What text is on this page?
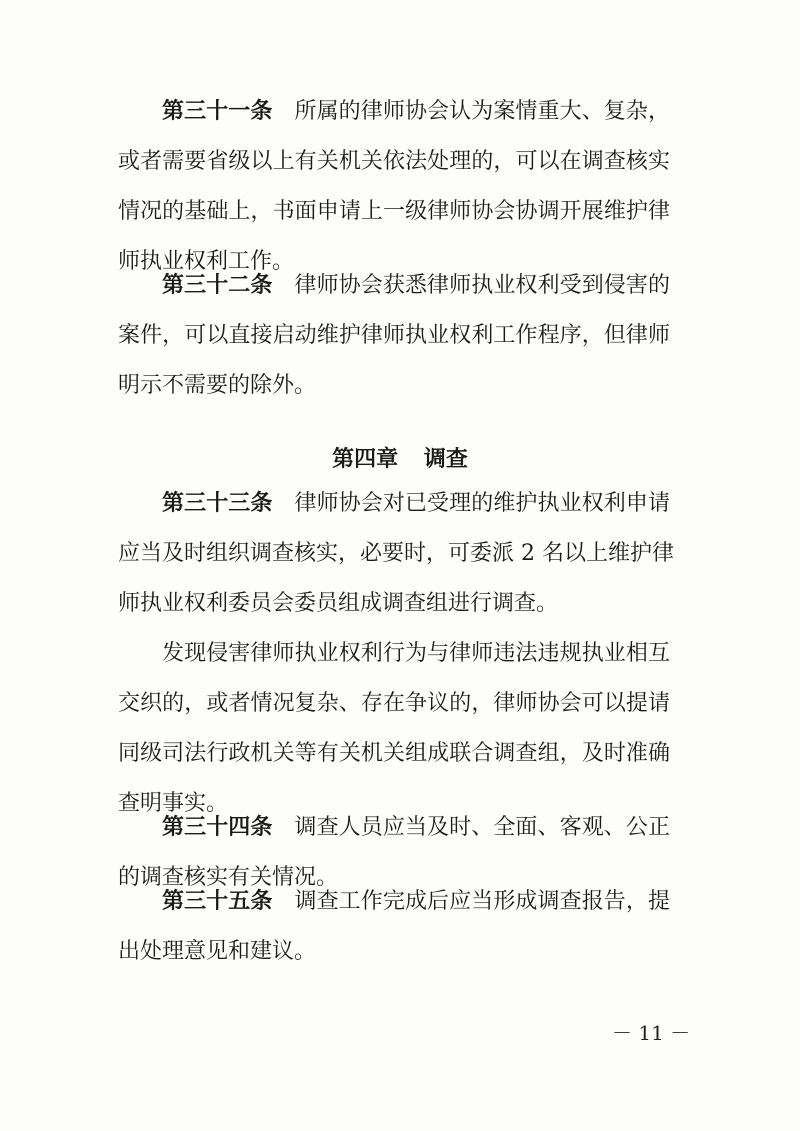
第三十一条 所属的律师协会认为案情重大、复杂，
或者需要省级以上有关机关依法处理的，可以在调查核实
情况的基础上，书面申请上一级律师协会协调开展维护律
师执业权利工作。
第三十二条 律师协会获悉律师执业权利受到侵害的
案件，可以直接启动维护律师执业权利工作程序，但律师
明示不需要的除外。
第四章 调查
第三十三条 律师协会对已受理的维护执业权利申请
应当及时组织调查核实，必要时，可委派 2 名以上维护律
师执业权利委员会委员组成调查组进行调查。
发现侵害律师执业权利行为与律师违法违规执业相互
交织的，或者情况复杂、存在争议的，律师协会可以提请
同级司法行政机关等有关机关组成联合调查组，及时准确
查明事实。
第三十四条 调查人员应当及时、全面、客观、公正
的调查核实有关情况。
第三十五条 调查工作完成后应当形成调查报告，提
出处理意见和建议。
－ 11 －
